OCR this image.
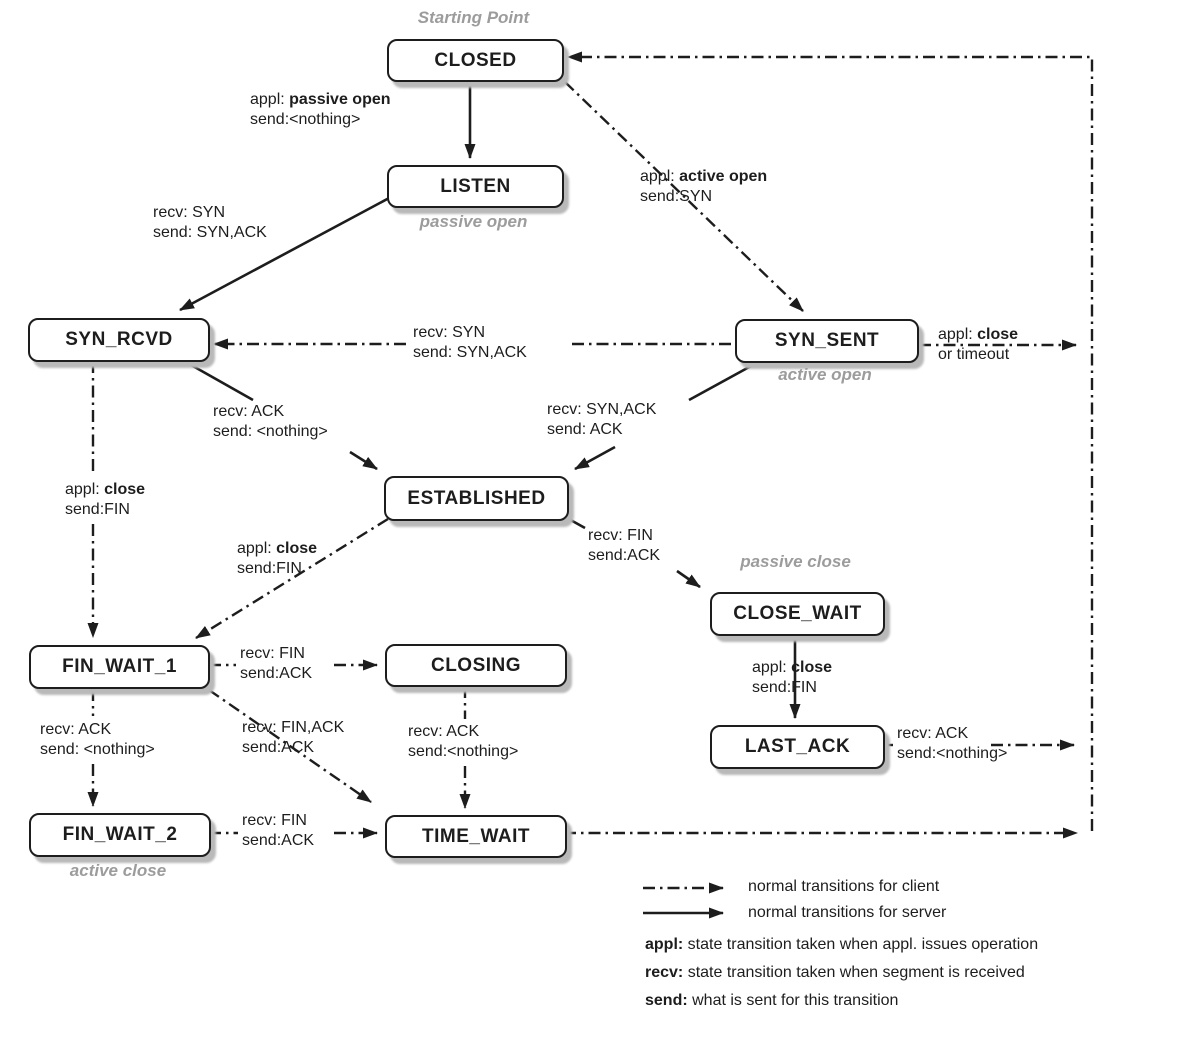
CLOSED
LISTEN
SYN_RCVD	SYN_SENT
ESTABLISHED
FIN_WAIT_1	CLOSING
CLOSE_WAIT
LAST_ACK
FIN_WAIT_2	TIME_WAIT
Starting Point
passive open
active open
passive close
active close
appl: passive open
send:<nothing>
recv: SYN
send: SYN,ACK
appl: active open
send:SYN
recv: SYN
send: SYN,ACK
appl: close
or timeout
recv: ACK
send: <nothing>
recv: SYN,ACK
send: ACK
appl: close
send:FIN
appl: close
send:FIN
recv: FIN
send:ACK
recv: FIN
send:ACK
recv: ACK
send: <nothing>
recv: FIN,ACK
send:ACK
recv: ACK
send:<nothing>
recv: FIN
send:ACK
appl: close
send:FIN
recv: ACK
send:<nothing>
normal transitions for client
normal transitions for server
appl: state transition taken when appl. issues operation
recv: state transition taken when segment is received
send: what is sent for this transition
